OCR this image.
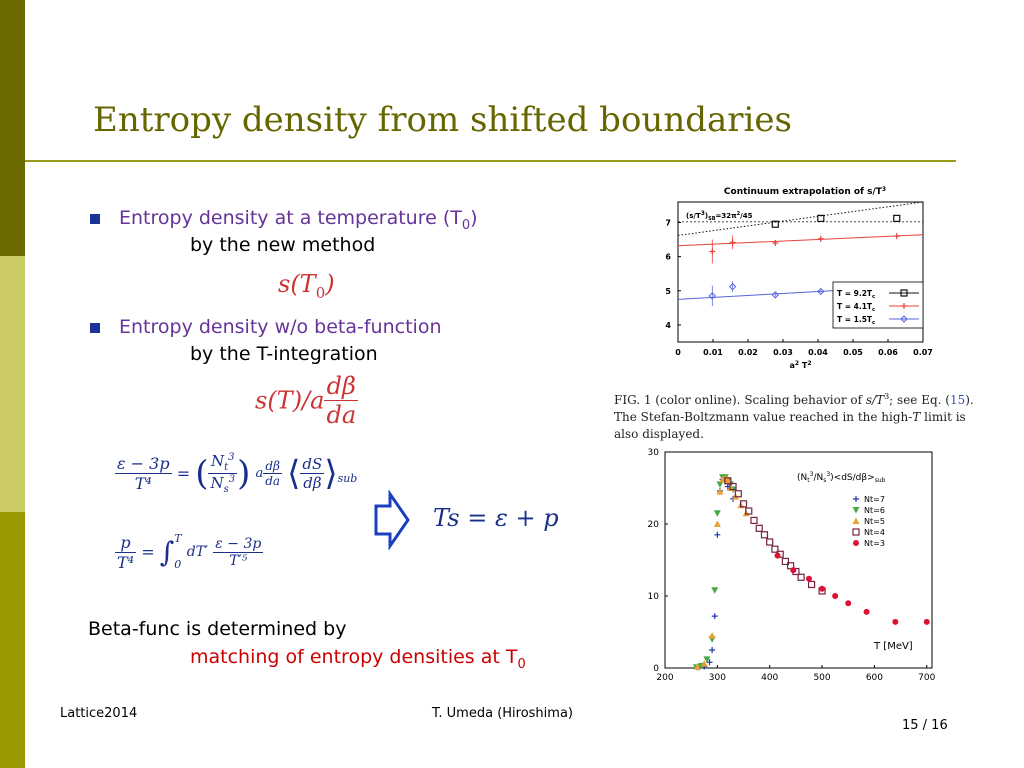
Entropy density from shifted boundaries
Entropy density at a temperature $(T_0)$
by the new method
$s(T_0)$
Entropy density w/o beta-function
by the T-integration
$s(T)/a \frac{d\beta}{da}$
$\frac{\varepsilon - 3p}{\text{T⁴}}$ = ( $\frac{N_t^3}{N_s^3}$ ) a $\frac{d\beta}{da}$ ⟨ $\frac{dS}{d\beta}$ $⟩_{sub}$
$\frac{p}{\text{T⁴}}$ = ∫ T
0
$dT' \frac{\varepsilon - 3p}{\text{T′⁵}}$
Ts = ε + p
Beta-func is determined by
matching of entropy densities at $T_0$
Lattice2014	T. Umeda (Hiroshima)
15 / 16
Continuum extrapolation of $s/T^3$
0	0.01 0.02 0.03 0.04 0.05 0.06 0.07
4
5
6
7
$(s/T3)_{SB}=32\pi^2/45$
$T = 9.2T_c$
$T = 4.1T_c$
$T = 1.5T_c$
$a^2$ $T^2$
FIG. 1 (color online). Scaling behavior of $s/T^3$; see Eq. (15). The Stefan-Boltzmann value reached in the high-T limit is also displayed.
200	300	400	500	600	700
0
10
20
30
$(N_t^3/N_s^3)<dS/d\beta>_{sub}$
Nt=7
Nt=6
Nt=5
Nt=4
Nt=3
T [MeV]
